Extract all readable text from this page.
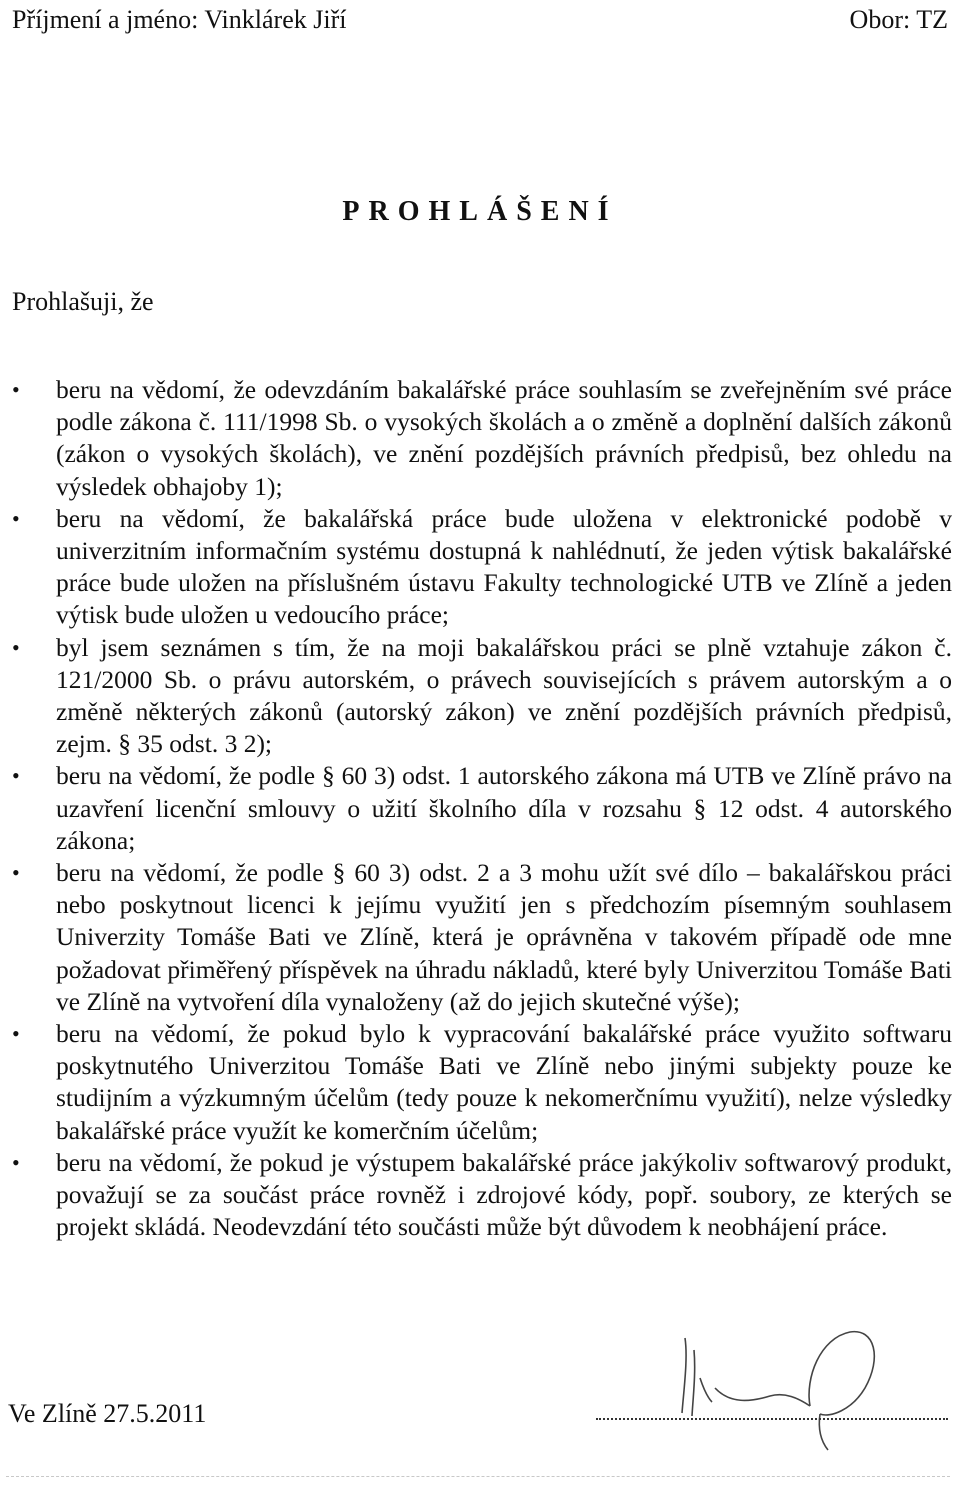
Příjmení a jméno: Vinklárek Jiří	Obor: TZ
PROHLÁŠENÍ
Prohlašuji, že
•	beru na vědomí, že odevzdáním bakalářské práce souhlasím se zveřejněním své práce podle zákona č. 111/1998 Sb. o vysokých školách a o změně a doplnění dalších zákonů (zákon o vysokých školách), ve znění pozdějších právních předpisů, bez ohledu na výsledek obhajoby 1);
•	beru na vědomí, že bakalářská práce bude uložena v elektronické podobě v univerzitním informačním systému dostupná k nahlédnutí, že jeden výtisk bakalářské práce bude uložen na příslušném ústavu Fakulty technologické UTB ve Zlíně a jeden výtisk bude uložen u vedoucího práce;
•	byl jsem seznámen s tím, že na moji bakalářskou práci se plně vztahuje zákon č. 121/2000 Sb. o právu autorském, o právech souvisejících s právem autorským a o změně některých zákonů (autorský zákon) ve znění pozdějších právních předpisů, zejm. § 35 odst. 3 2);
•	beru na vědomí, že podle § 60 3) odst. 1 autorského zákona má UTB ve Zlíně právo na uzavření licenční smlouvy o užití školního díla v rozsahu § 12 odst. 4 autorského zákona;
•	beru na vědomí, že podle § 60 3) odst. 2 a 3 mohu užít své dílo – bakalářskou práci nebo poskytnout licenci k jejímu využití jen s předchozím písemným souhlasem Univerzity Tomáše Bati ve Zlíně, která je oprávněna v takovém případě ode mne požadovat přiměřený příspěvek na úhradu nákladů, které byly Univerzitou Tomáše Bati ve Zlíně na vytvoření díla vynaloženy (až do jejich skutečné výše);
•	beru na vědomí, že pokud bylo k vypracování bakalářské práce využito softwaru poskytnutého Univerzitou Tomáše Bati ve Zlíně nebo jinými subjekty pouze ke studijním a výzkumným účelům (tedy pouze k nekomerčnímu využití), nelze výsledky bakalářské práce využít ke komerčním účelům;
•	beru na vědomí, že pokud je výstupem bakalářské práce jakýkoliv softwarový produkt, považují se za součást práce rovněž i zdrojové kódy, popř. soubory, ze kterých se projekt skládá. Neodevzdání této součásti může být důvodem k neobhájení práce.
Ve Zlíně 27.5.2011
